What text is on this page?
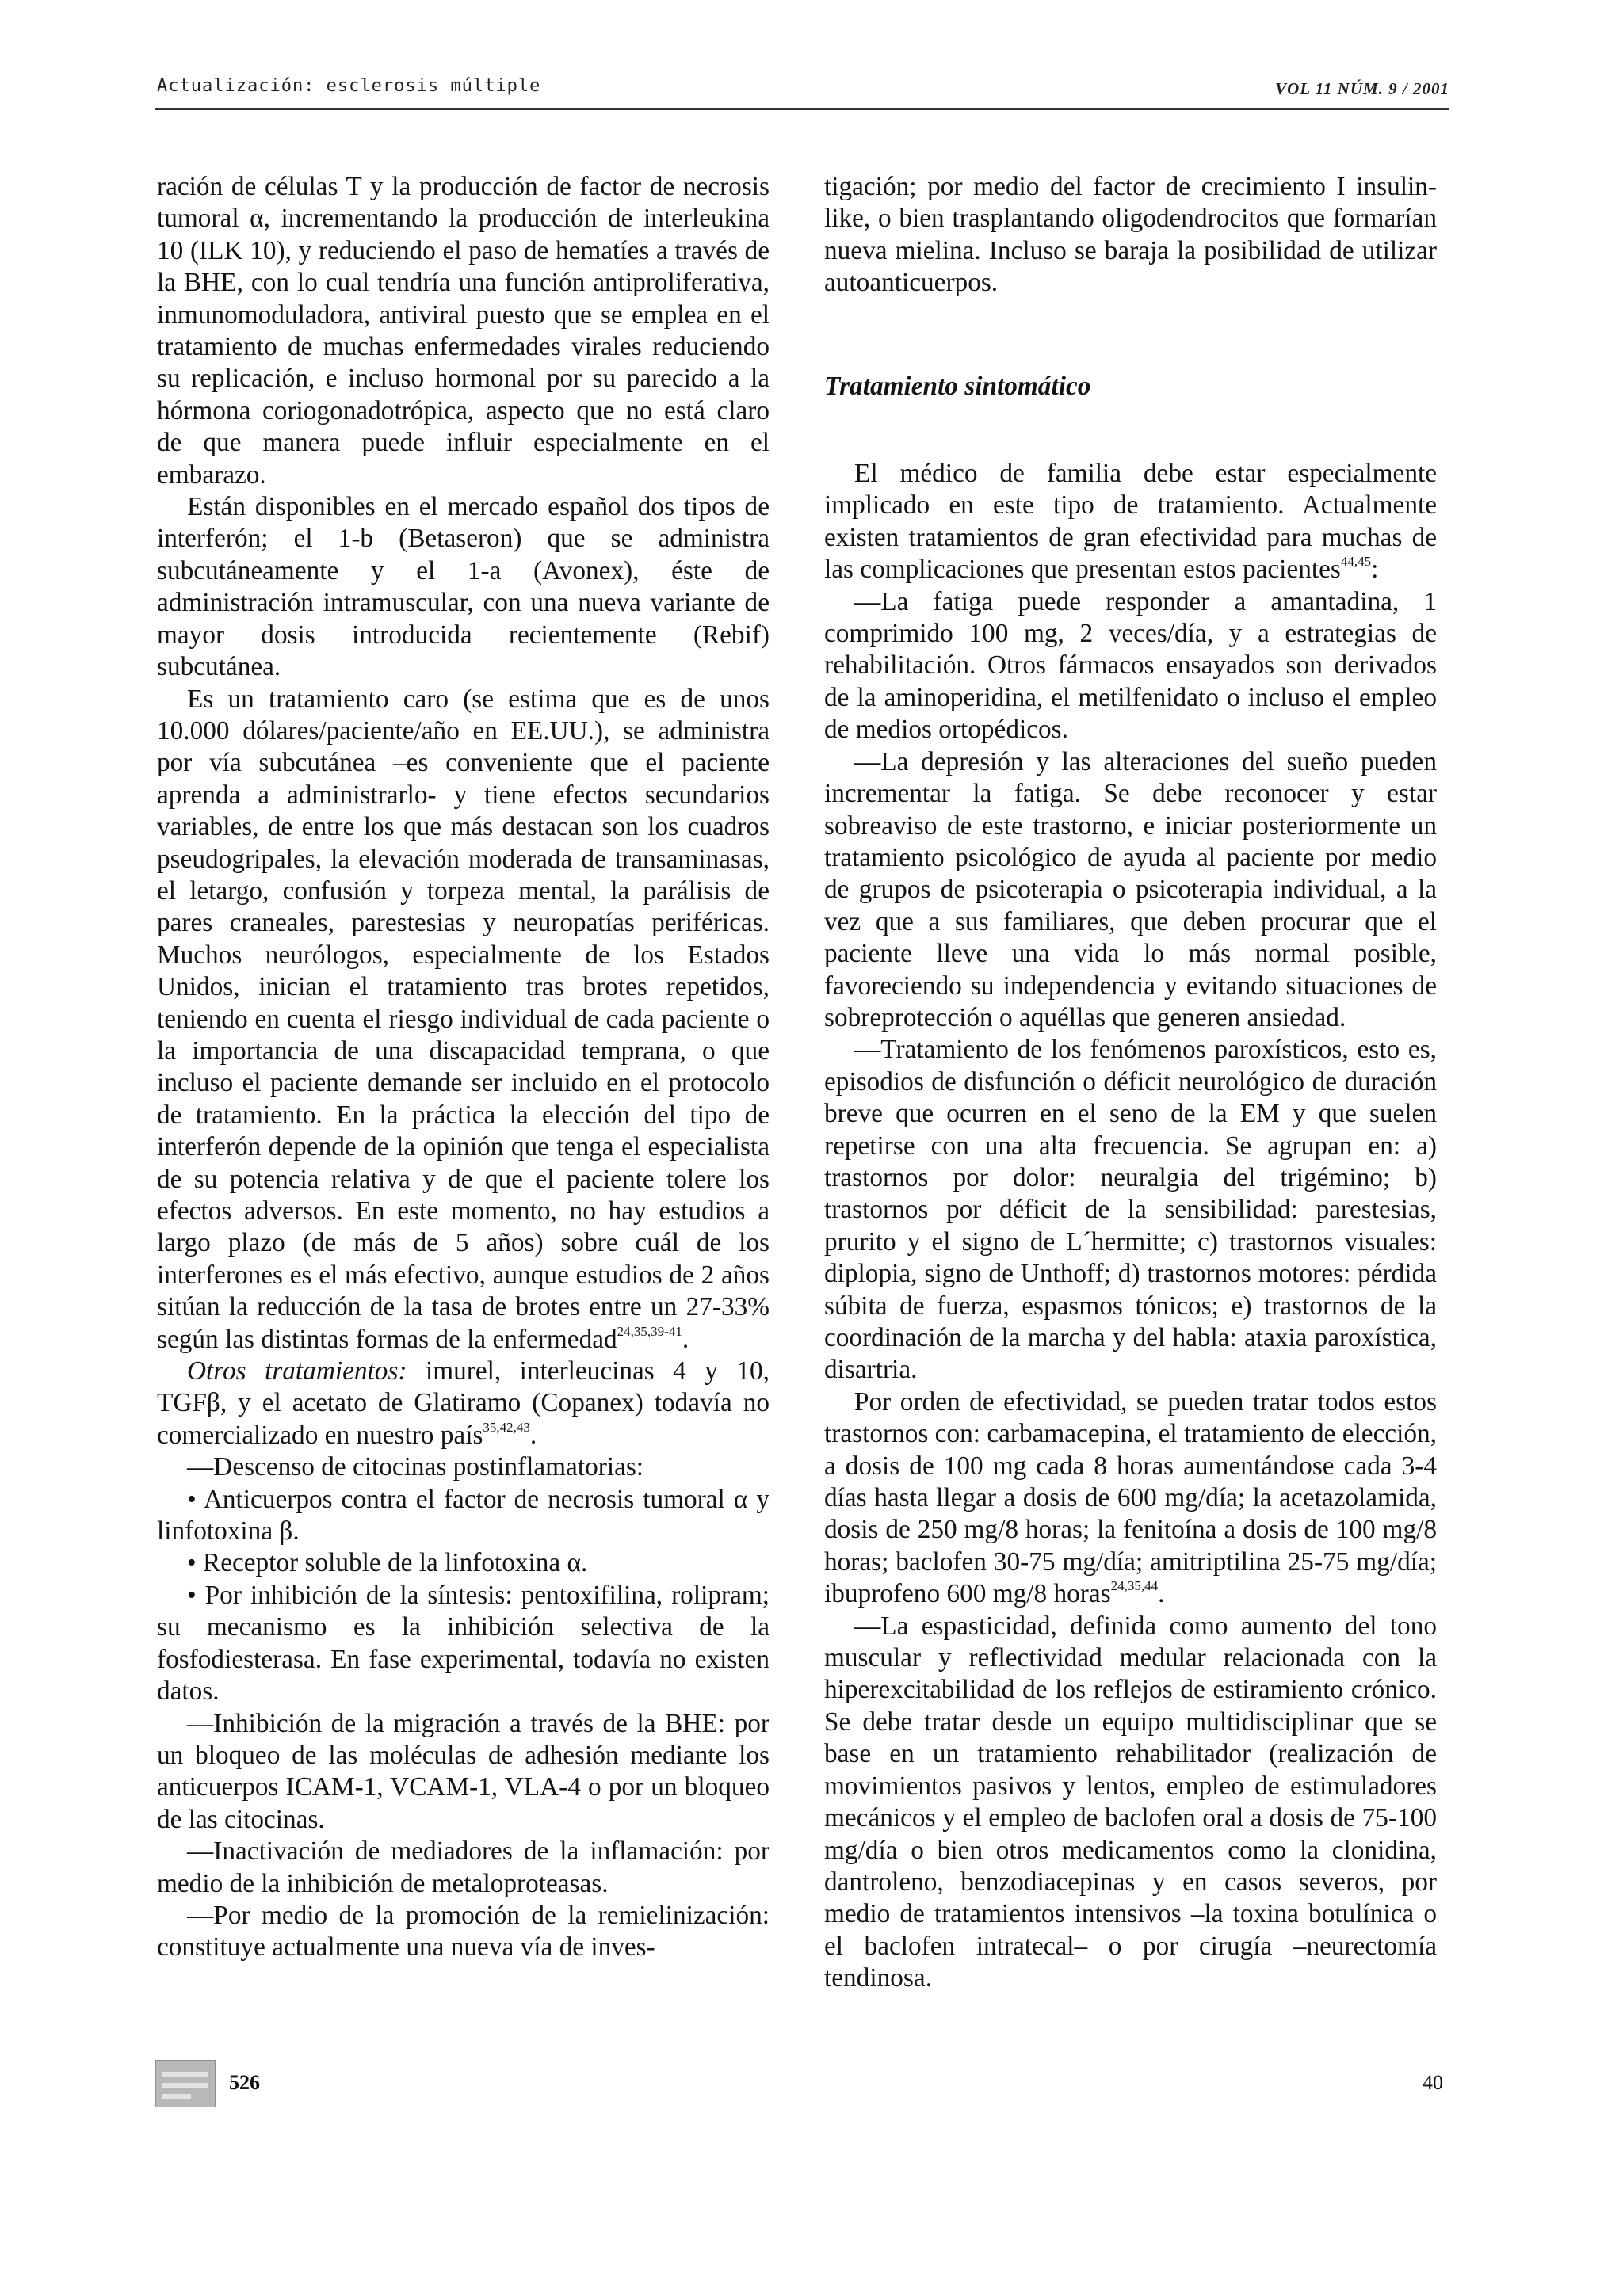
Actualización: esclerosis múltiple	VOL 11 NÚM. 9 / 2001

ración de células T y la producción de factor de necrosis tumoral α, incrementando la producción de interleukina 10 (ILK 10), y reduciendo el paso de hematíes a través de la BHE, con lo cual tendría una función antiproliferativa, inmunomoduladora, antiviral puesto que se emplea en el tratamiento de muchas enfermedades virales reduciendo su replicación, e incluso hormonal por su parecido a la hórmona coriogonadotrópica, aspecto que no está claro de que manera puede influir especialmente en el embarazo.

Están disponibles en el mercado español dos tipos de interferón; el 1-b (Betaseron) que se administra subcutáneamente y el 1-a (Avonex), éste de administración intramuscular, con una nueva variante de mayor dosis introducida recientemente (Rebif) subcutánea.

Es un tratamiento caro (se estima que es de unos 10.000 dólares/paciente/año en EE.UU.), se administra por vía subcutánea –es conveniente que el paciente aprenda a administrarlo- y tiene efectos secundarios variables, de entre los que más destacan son los cuadros pseudogripales, la elevación moderada de transaminasas, el letargo, confusión y torpeza mental, la parálisis de pares craneales, parestesias y neuropatías periféricas. Muchos neurólogos, especialmente de los Estados Unidos, inician el tratamiento tras brotes repetidos, teniendo en cuenta el riesgo individual de cada paciente o la importancia de una discapacidad temprana, o que incluso el paciente demande ser incluido en el protocolo de tratamiento. En la práctica la elección del tipo de interferón depende de la opinión que tenga el especialista de su potencia relativa y de que el paciente tolere los efectos adversos. En este momento, no hay estudios a largo plazo (de más de 5 años) sobre cuál de los interferones es el más efectivo, aunque estudios de 2 años sitúan la reducción de la tasa de brotes entre un 27-33% según las distintas formas de la enfermedad$^{24,35,39-41}$.

Otros tratamientos: imurel, interleucinas 4 y 10, TGFβ, y el acetato de Glatiramo (Copanex) todavía no comercializado en nuestro país$^{35,42,43}$.

—Descenso de citocinas postinflamatorias:

• Anticuerpos contra el factor de necrosis tumoral α y linfotoxina β.

• Receptor soluble de la linfotoxina α.

• Por inhibición de la síntesis: pentoxifilina, rolipram; su mecanismo es la inhibición selectiva de la fosfodiesterasa. En fase experimental, todavía no existen datos.

—Inhibición de la migración a través de la BHE: por un bloqueo de las moléculas de adhesión mediante los anticuerpos ICAM-1, VCAM-1, VLA-4 o por un bloqueo de las citocinas.

—Inactivación de mediadores de la inflamación: por medio de la inhibición de metaloproteasas.

—Por medio de la promoción de la remielinización: constituye actualmente una nueva vía de inves-

tigación; por medio del factor de crecimiento I insulin-like, o bien trasplantando oligodendrocitos que formarían nueva mielina. Incluso se baraja la posibilidad de utilizar autoanticuerpos.

Tratamiento sintomático

El médico de familia debe estar especialmente implicado en este tipo de tratamiento. Actualmente existen tratamientos de gran efectividad para muchas de las complicaciones que presentan estos pacientes$^{44,45}$:

—La fatiga puede responder a amantadina, 1 comprimido 100 mg, 2 veces/día, y a estrategias de rehabilitación. Otros fármacos ensayados son derivados de la aminoperidina, el metilfenidato o incluso el empleo de medios ortopédicos.

—La depresión y las alteraciones del sueño pueden incrementar la fatiga. Se debe reconocer y estar sobreaviso de este trastorno, e iniciar posteriormente un tratamiento psicológico de ayuda al paciente por medio de grupos de psicoterapia o psicoterapia individual, a la vez que a sus familiares, que deben procurar que el paciente lleve una vida lo más normal posible, favoreciendo su independencia y evitando situaciones de sobreprotección o aquéllas que generen ansiedad.

—Tratamiento de los fenómenos paroxísticos, esto es, episodios de disfunción o déficit neurológico de duración breve que ocurren en el seno de la EM y que suelen repetirse con una alta frecuencia. Se agrupan en: a) trastornos por dolor: neuralgia del trigémino; b) trastornos por déficit de la sensibilidad: parestesias, prurito y el signo de L´hermitte; c) trastornos visuales: diplopia, signo de Unthoff; d) trastornos motores: pérdida súbita de fuerza, espasmos tónicos; e) trastornos de la coordinación de la marcha y del habla: ataxia paroxística, disartria.

Por orden de efectividad, se pueden tratar todos estos trastornos con: carbamacepina, el tratamiento de elección, a dosis de 100 mg cada 8 horas aumentándose cada 3-4 días hasta llegar a dosis de 600 mg/día; la acetazolamida, dosis de 250 mg/8 horas; la fenitoína a dosis de 100 mg/8 horas; baclofen 30-75 mg/día; amitriptilina 25-75 mg/día; ibuprofeno 600 mg/8 horas$^{24,35,44}$.

—La espasticidad, definida como aumento del tono muscular y reflectividad medular relacionada con la hiperexcitabilidad de los reflejos de estiramiento crónico. Se debe tratar desde un equipo multidisciplinar que se base en un tratamiento rehabilitador (realización de movimientos pasivos y lentos, empleo de estimuladores mecánicos y el empleo de baclofen oral a dosis de 75-100 mg/día o bien otros medicamentos como la clonidina, dantroleno, benzodiacepinas y en casos severos, por medio de tratamientos intensivos –la toxina botulínica o el baclofen intratecal– o por cirugía –neurectomía tendinosa.

526	40
